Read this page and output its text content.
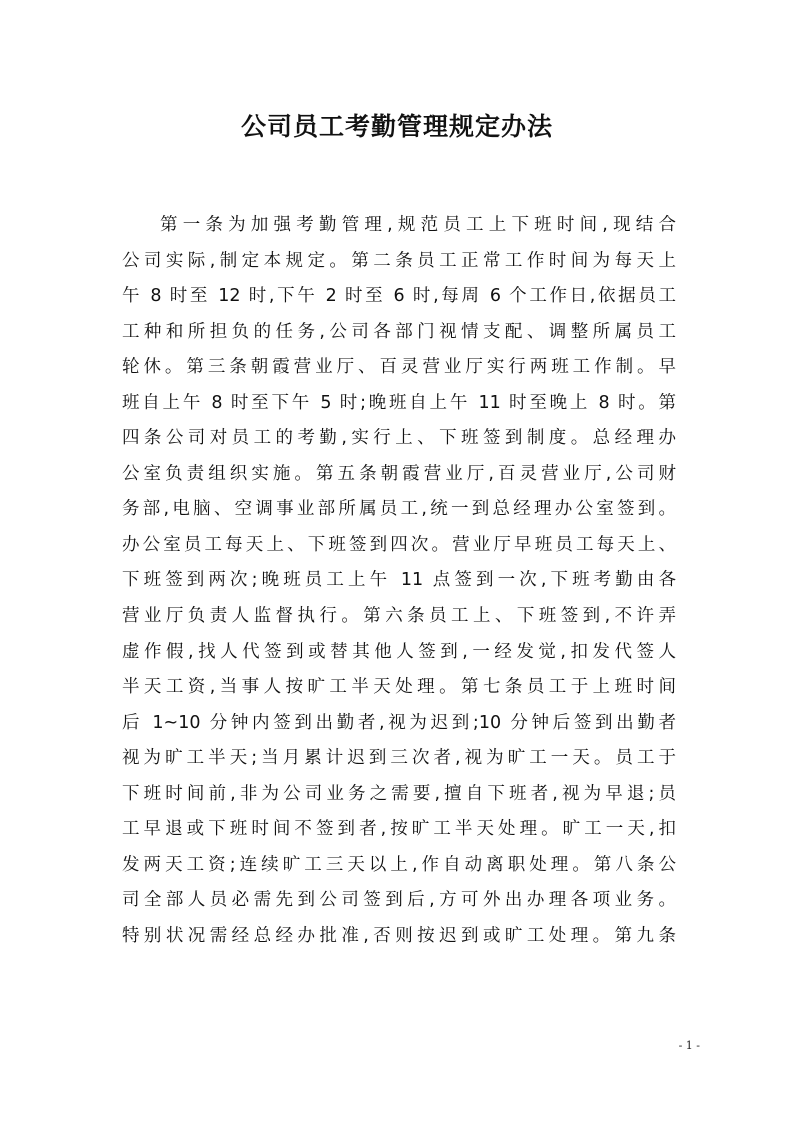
公司员工考勤管理规定办法
第一条为加强考勤管理,规范员工上下班时间,现结合
公司实际,制定本规定。第二条员工正常工作时间为每天上
午 8 时至 12 时,下午 2 时至 6 时,每周 6 个工作日,依据员工
工种和所担负的任务,公司各部门视情支配、调整所属员工
轮休。第三条朝霞营业厅、百灵营业厅实行两班工作制。早
班自上午 8 时至下午 5 时;晚班自上午 11 时至晚上 8 时。第
四条公司对员工的考勤,实行上、下班签到制度。总经理办
公室负责组织实施。第五条朝霞营业厅,百灵营业厅,公司财
务部,电脑、空调事业部所属员工,统一到总经理办公室签到。
办公室员工每天上、下班签到四次。营业厅早班员工每天上、
下班签到两次;晚班员工上午 11 点签到一次,下班考勤由各
营业厅负责人监督执行。第六条员工上、下班签到,不许弄
虚作假,找人代签到或替其他人签到,一经发觉,扣发代签人
半天工资,当事人按旷工半天处理。第七条员工于上班时间
后 1~10 分钟内签到出勤者,视为迟到;10 分钟后签到出勤者
视为旷工半天;当月累计迟到三次者,视为旷工一天。员工于
下班时间前,非为公司业务之需要,擅自下班者,视为早退;员
工早退或下班时间不签到者,按旷工半天处理。旷工一天,扣
发两天工资;连续旷工三天以上,作自动离职处理。第八条公
司全部人员必需先到公司签到后,方可外出办理各项业务。
特别状况需经总经办批准,否则按迟到或旷工处理。第九条
- 1 -
